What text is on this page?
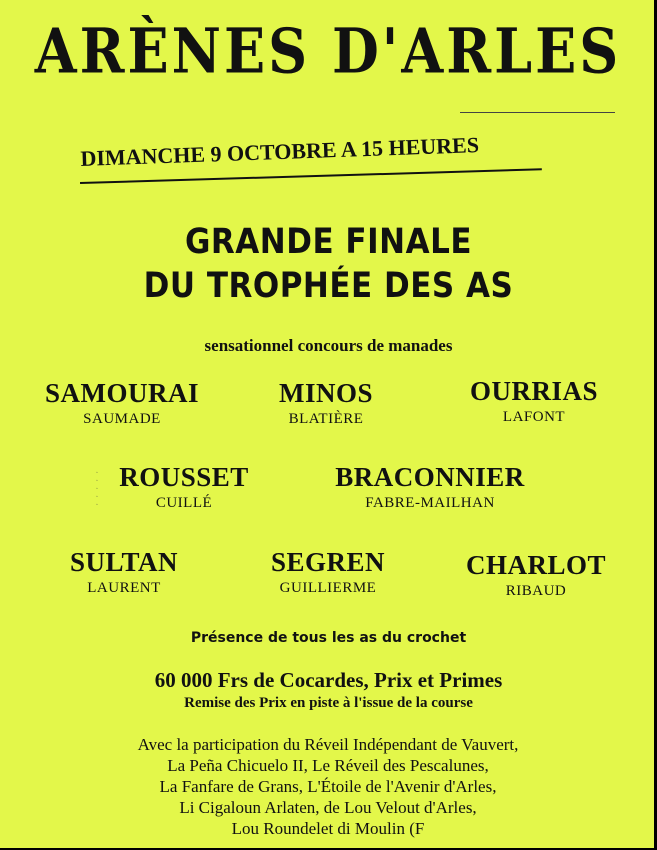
ARÈNES D'ARLES
DIMANCHE 9 OCTOBRE A 15 HEURES
GRANDE FINALE
DU TROPHÉE DES AS
sensationnel concours de manades
SAMOURAI
SAUMADE
MINOS
BLATIÈRE
OURRIAS
LAFONT
◦
◦
◦
◦
◦
ROUSSET
CUILLÉ
BRACONNIER
FABRE-MAILHAN
SULTAN
LAURENT
SEGREN
GUILLIERME
CHARLOT
RIBAUD
Présence de tous les as du crochet
60 000 Frs de Cocardes, Prix et Primes
Remise des Prix en piste à l'issue de la course
Avec la participation du Réveil Indépendant de Vauvert,
La Peña Chicuelo II, Le Réveil des Pescalunes,
La Fanfare de Grans, L'Étoile de l'Avenir d'Arles,
Li Cigaloun Arlaten, de Lou Velout d'Arles,
Lou Roundelet di Moulin (F
